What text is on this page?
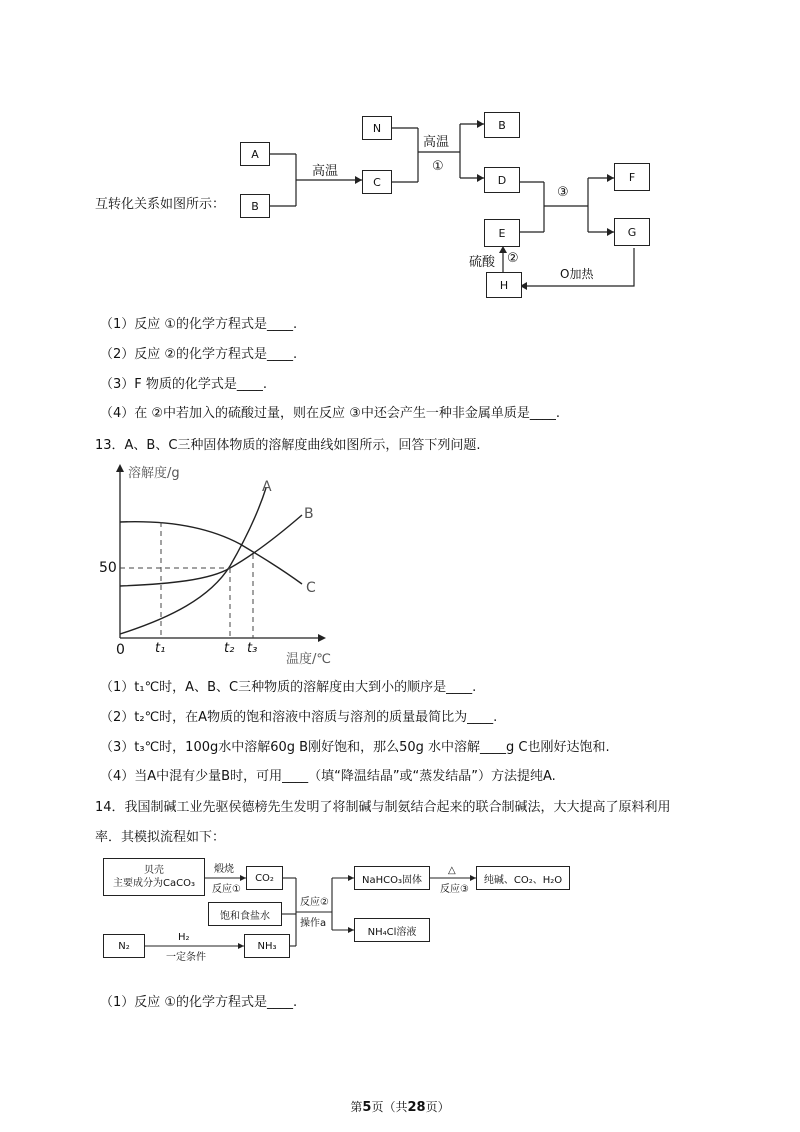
互转化关系如图所示：
A
B
N
C
B
D	F
E	G
H
高温
高温
①
③
硫酸 ②
O加热
（1）反应 ①的化学方程式是____.
（2）反应 ②的化学方程式是____.
（3）F 物质的化学式是____.
（4）在 ②中若加入的硫酸过量，则在反应 ③中还会产生一种非金属单质是____.
13．A、B、C三种固体物质的溶解度曲线如图所示，回答下列问题.
溶解度/g
温度/℃
0
50
t₁	t₂ t₃
A
B
C
（1）t₁℃时，A、B、C三种物质的溶解度由大到小的顺序是____.
（2）t₂℃时，在A物质的饱和溶液中溶质与溶剂的质量最简比为____.
（3）t₃℃时，100g水中溶解60g B刚好饱和，那么50g 水中溶解____g C也刚好达饱和.
（4）当A中混有少量B时，可用____（填“降温结晶”或“蒸发结晶”）方法提纯A.
14．我国制碱工业先驱侯德榜先生发明了将制碱与制氨结合起来的联合制碱法，大大提高了原料利用
率．其模拟流程如下：
贝壳
主要成分为CaCO₃
煅烧
反应①
CO₂
饱和食盐水
反应②
操作a
NaHCO₃固体
△
反应③
纯碱、CO₂、H₂O
NH₄Cl溶液
N₂
H₂
一定条件
NH₃
（1）反应 ①的化学方程式是____.
第5页（共28页）
